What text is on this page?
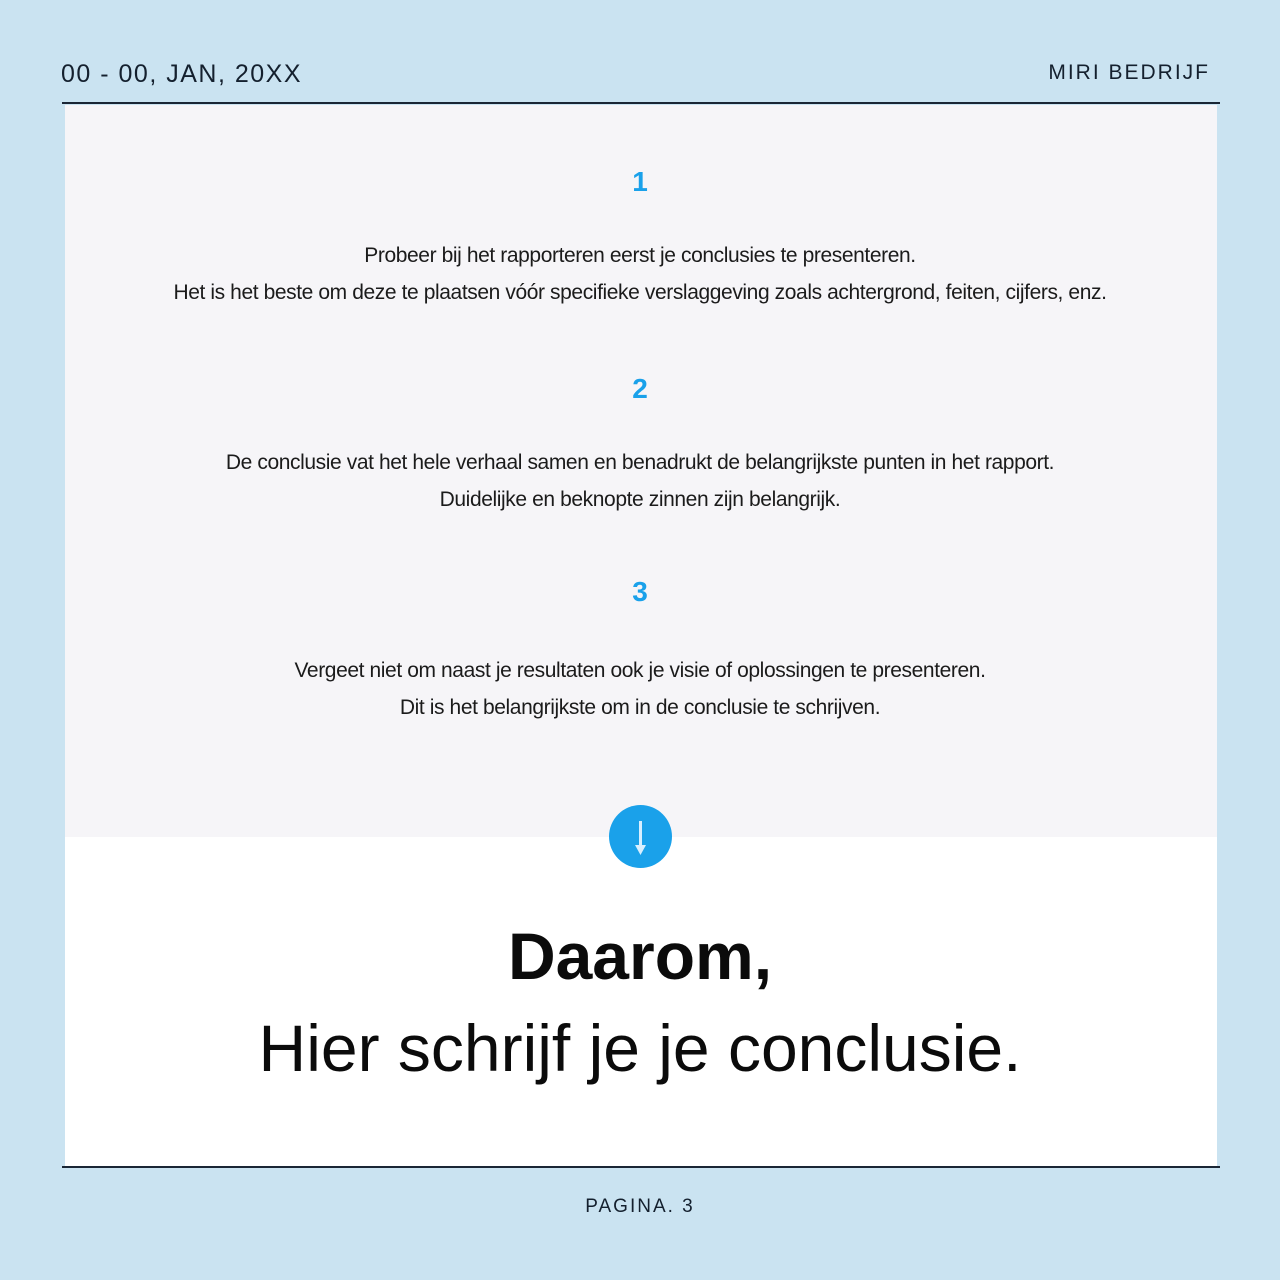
00 - 00, JAN, 20XX	MIRI BEDRIJF
1
Probeer bij het rapporteren eerst je conclusies te presenteren.
Het is het beste om deze te plaatsen vóór specifieke verslaggeving zoals achtergrond, feiten, cijfers, enz.
2
De conclusie vat het hele verhaal samen en benadrukt de belangrijkste punten in het rapport.
Duidelijke en beknopte zinnen zijn belangrijk.
3
Vergeet niet om naast je resultaten ook je visie of oplossingen te presenteren.
Dit is het belangrijkste om in de conclusie te schrijven.
Daarom,
Hier schrijf je je conclusie.
PAGINA. 3
